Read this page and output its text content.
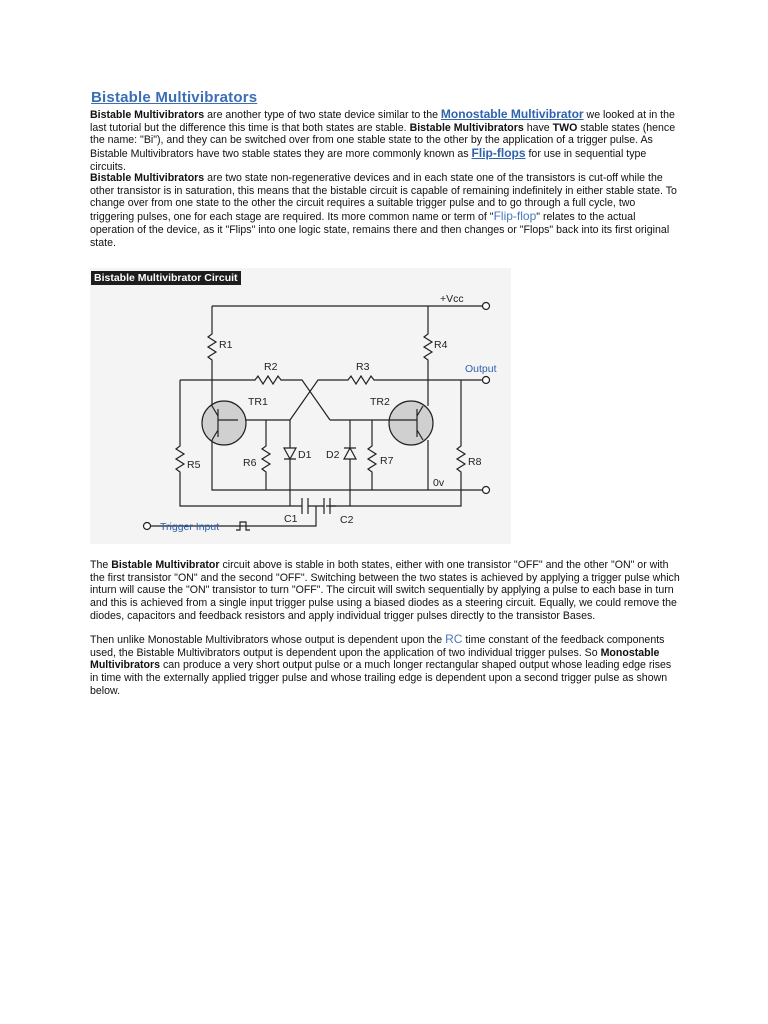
Bistable Multivibrators
Bistable Multivibrators are another type of two state device similar to the Monostable Multivibrator we looked at in the last tutorial but the difference this time is that both states are stable. Bistable Multivibrators have TWO stable states (hence the name: "Bi"), and they can be switched over from one stable state to the other by the application of a trigger pulse. As Bistable Multivibrators have two stable states they are more commonly known as Flip-flops for use in sequential type circuits.
Bistable Multivibrators are two state non-regenerative devices and in each state one of the transistors is cut-off while the other transistor is in saturation, this means that the bistable circuit is capable of remaining indefinitely in either stable state. To change over from one state to the other the circuit requires a suitable trigger pulse and to go through a full cycle, two triggering pulses, one for each stage are required. Its more common name or term of "Flip-flop" relates to the actual operation of the device, as it "Flips" into one logic state, remains there and then changes or "Flops" back into its first original state.
+Vcc
R1
R2	R3
R4
R5	R6	R7	R8
TR1	TR2
D1 D2
C1	C2
Output
0v
Trigger Input
Bistable Multivibrator Circuit
The Bistable Multivibrator circuit above is stable in both states, either with one transistor "OFF" and the other "ON" or with the first transistor "ON" and the second "OFF". Switching between the two states is achieved by applying a trigger pulse which inturn will cause the "ON" transistor to turn "OFF". The circuit will switch sequentially by applying a pulse to each base in turn and this is achieved from a single input trigger pulse using a biased diodes as a steering circuit. Equally, we could remove the diodes, capacitors and feedback resistors and apply individual trigger pulses directly to the transistor Bases.
Then unlike Monostable Multivibrators whose output is dependent upon the RC time constant of the feedback components used, the Bistable Multivibrators output is dependent upon the application of two individual trigger pulses. So Monostable Multivibrators can produce a very short output pulse or a much longer rectangular shaped output whose leading edge rises in time with the externally applied trigger pulse and whose trailing edge is dependent upon a second trigger pulse as shown below.
